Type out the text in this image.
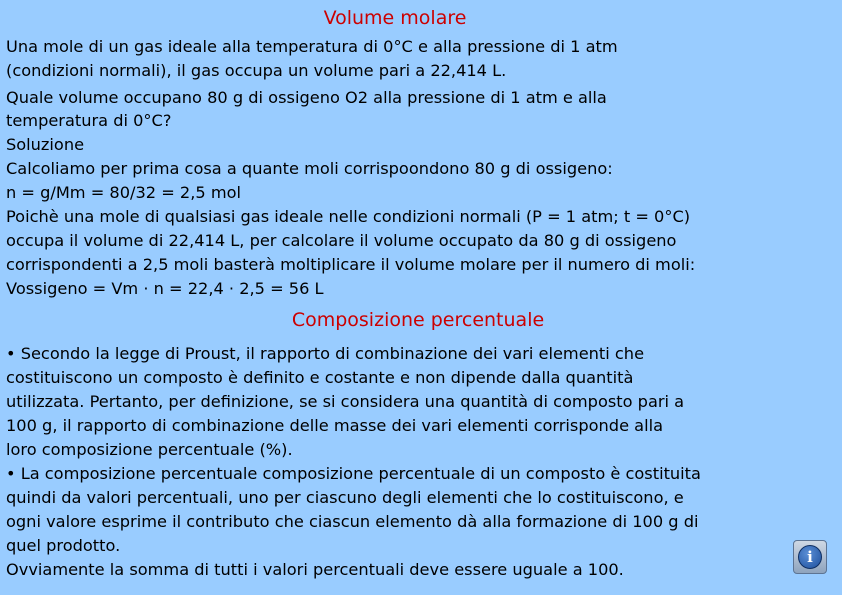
Volume molare
Una mole di un gas ideale alla temperatura di 0°C e alla pressione di 1 atm
(condizioni normali), il gas occupa un volume pari a 22,414 L.
Quale volume occupano 80 g di ossigeno O2 alla pressione di 1 atm e alla
temperatura di 0°C?
Soluzione
Calcoliamo per prima cosa a quante moli corrispoondono 80 g di ossigeno:
n = g/Mm = 80/32 = 2,5 mol
Poichè una mole di qualsiasi gas ideale nelle condizioni normali (P = 1 atm; t = 0°C)
occupa il volume di 22,414 L, per calcolare il volume occupato da 80 g di ossigeno
corrispondenti a 2,5 moli basterà moltiplicare il volume molare per il numero di moli:
Vossigeno = Vm · n = 22,4 · 2,5 = 56 L
Composizione percentuale
• Secondo la legge di Proust, il rapporto di combinazione dei vari elementi che
costituiscono un composto è definito e costante e non dipende dalla quantità
utilizzata. Pertanto, per definizione, se si considera una quantità di composto pari a
100 g, il rapporto di combinazione delle masse dei vari elementi corrisponde alla
loro composizione percentuale (%).
• La composizione percentuale composizione percentuale di un composto è costituita
quindi da valori percentuali, uno per ciascuno degli elementi che lo costituiscono, e
ogni valore esprime il contributo che ciascun elemento dà alla formazione di 100 g di
quel prodotto.
Ovviamente la somma di tutti i valori percentuali deve essere uguale a 100.
i
